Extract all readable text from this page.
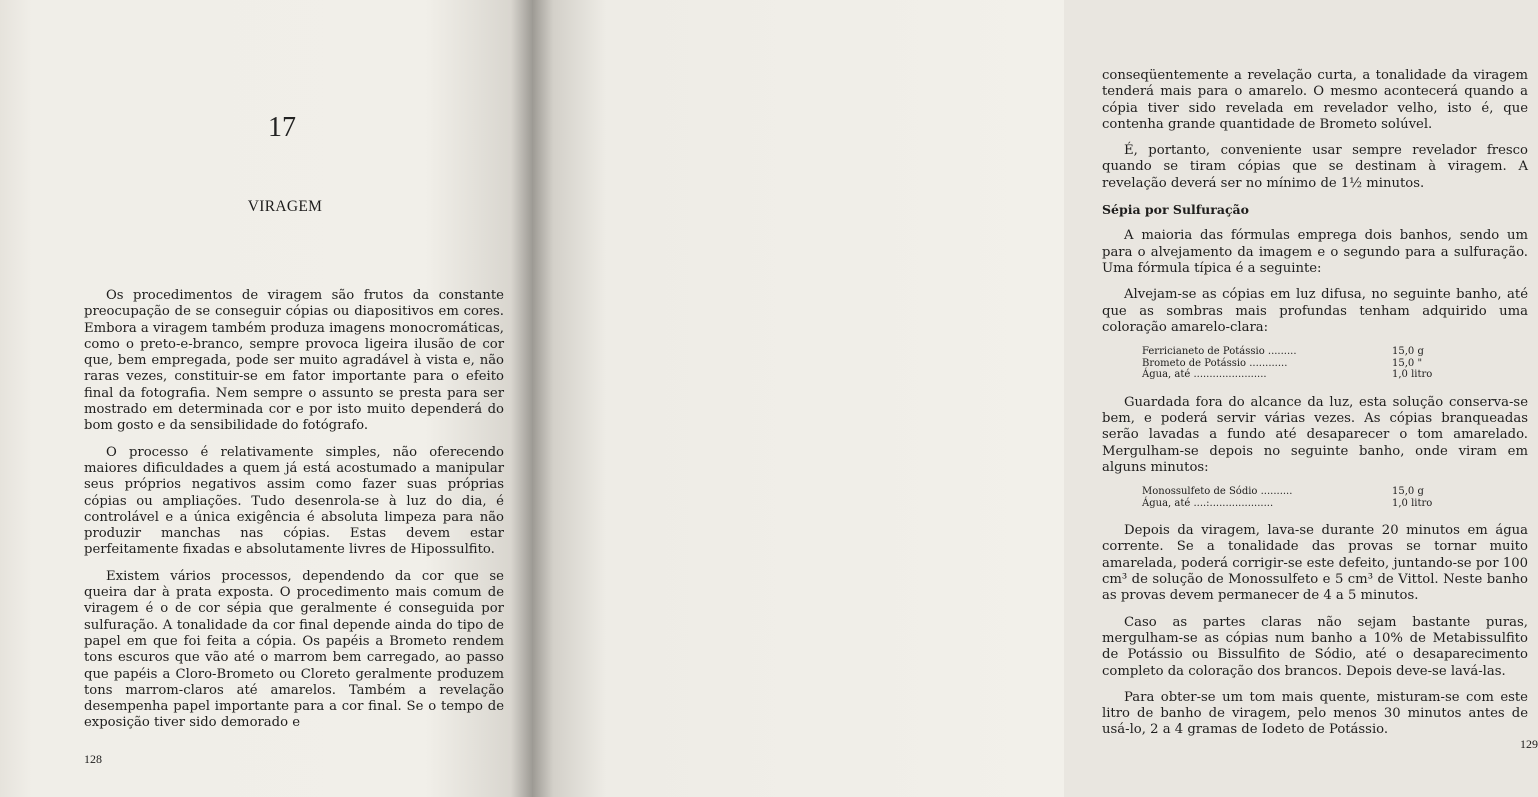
17
VIRAGEM

Os procedimentos de viragem são frutos da constante preocupação de se conseguir cópias ou diapositivos em cores. Embora a viragem também produza imagens monocromáticas, como o preto-e-branco, sempre provoca ligeira ilusão de cor que, bem empregada, pode ser muito agradável à vista e, não raras vezes, constituir-se em fator importante para o efeito final da fotografia. Nem sempre o assunto se presta para ser mostrado em determinada cor e por isto muito dependerá do bom gosto e da sensibilidade do fotógrafo.

O processo é relativamente simples, não oferecendo maiores dificuldades a quem já está acostumado a manipular seus próprios negativos assim como fazer suas próprias cópias ou ampliações. Tudo desenrola-se à luz do dia, é controlável e a única exigência é absoluta limpeza para não produzir manchas nas cópias. Estas devem estar perfeitamente fixadas e absolutamente livres de Hipossulfito.

Existem vários processos, dependendo da cor que se queira dar à prata exposta. O procedimento mais comum de viragem é o de cor sépia que geralmente é conseguida por sulfuração. A tonalidade da cor final depende ainda do tipo de papel em que foi feita a cópia. Os papéis a Brometo rendem tons escuros que vão até o marrom bem carregado, ao passo que papéis a Cloro-Brometo ou Cloreto geralmente produzem tons marrom-claros até amarelos. Também a revelação desempenha papel importante para a cor final. Se o tempo de exposição tiver sido demorado e

128

conseqüentemente a revelação curta, a tonalidade da viragem tenderá mais para o amarelo. O mesmo acontecerá quando a cópia tiver sido revelada em revelador velho, isto é, que contenha grande quantidade de Brometo solúvel.

É, portanto, conveniente usar sempre revelador fresco quando se tiram cópias que se destinam à viragem. A revelação deverá ser no mínimo de 1½ minutos.

Sépia por Sulfuração

A maioria das fórmulas emprega dois banhos, sendo um para o alvejamento da imagem e o segundo para a sulfuração. Uma fórmula típica é a seguinte:

Alvejam-se as cópias em luz difusa, no seguinte banho, até que as sombras mais profundas tenham adquirido uma coloração amarelo-clara:

Ferricianeto de Potássio .........	15,0 g
Brometo de Potássio ............	15,0 "
Água, até .......................	1,0 litro

Guardada fora do alcance da luz, esta solução conserva-se bem, e poderá servir várias vezes. As cópias branqueadas serão lavadas a fundo até desaparecer o tom amarelado. Mergulham-se depois no seguinte banho, onde viram em alguns minutos:

Monossulfeto de Sódio ..........	15,0 g
Água, até ....:....................	1,0 litro

Depois da viragem, lava-se durante 20 minutos em água corrente. Se a tonalidade das provas se tornar muito amarelada, poderá corrigir-se este defeito, juntando-se por 100 cm³ de solução de Monossulfeto e 5 cm³ de Vittol. Neste banho as provas devem permanecer de 4 a 5 minutos.

Caso as partes claras não sejam bastante puras, mergulham-se as cópias num banho a 10% de Metabissulfito de Potássio ou Bissulfito de Sódio, até o desaparecimento completo da coloração dos brancos. Depois deve-se lavá-las.

Para obter-se um tom mais quente, misturam-se com este litro de banho de viragem, pelo menos 30 minutos antes de usá-lo, 2 a 4 gramas de Iodeto de Potássio.

129
